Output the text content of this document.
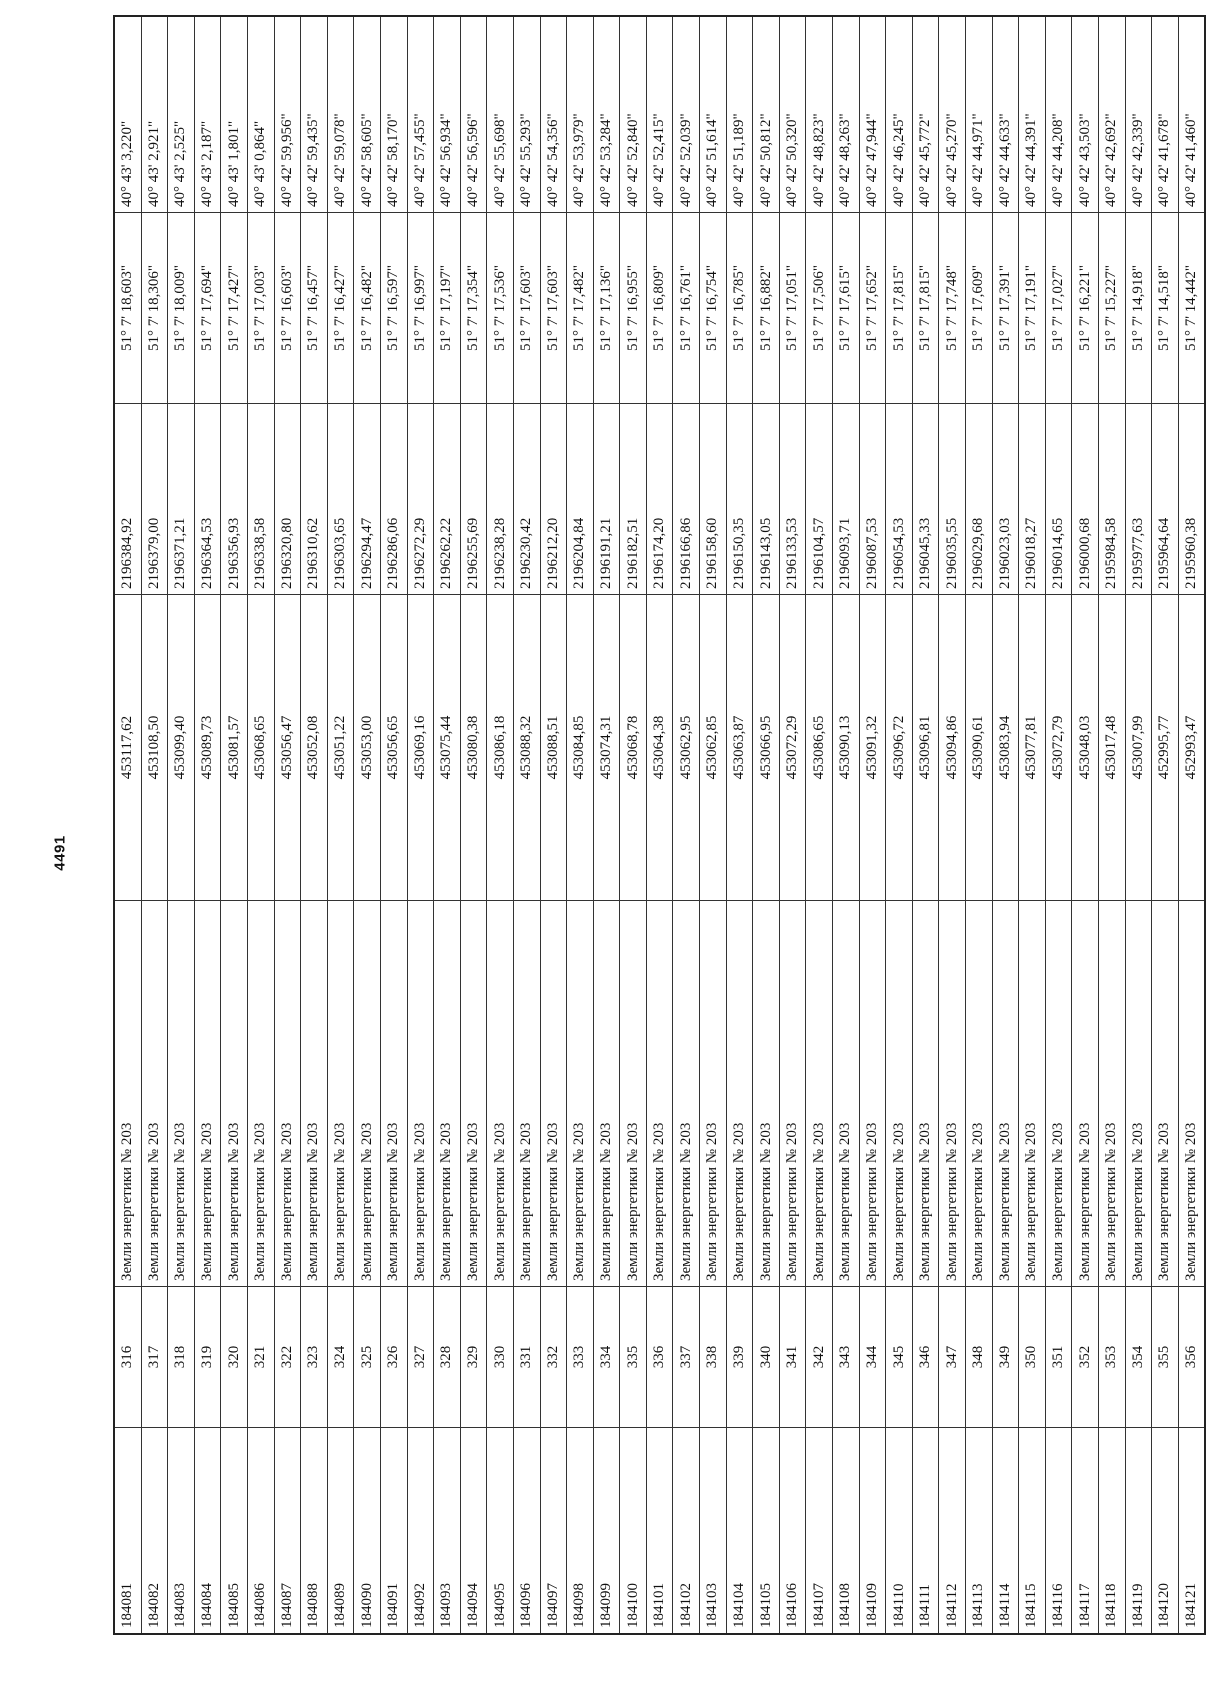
4491
184081	316	Земли энергетики № 203	453117,62	2196384,92	51° 7' 18,603"	40° 43' 3,220"
184082	317	Земли энергетики № 203	453108,50	2196379,00	51° 7' 18,306"	40° 43' 2,921"
184083	318	Земли энергетики № 203	453099,40	2196371,21	51° 7' 18,009"	40° 43' 2,525"
184084	319	Земли энергетики № 203	453089,73	2196364,53	51° 7' 17,694"	40° 43' 2,187"
184085	320	Земли энергетики № 203	453081,57	2196356,93	51° 7' 17,427"	40° 43' 1,801"
184086	321	Земли энергетики № 203	453068,65	2196338,58	51° 7' 17,003"	40° 43' 0,864"
184087	322	Земли энергетики № 203	453056,47	2196320,80	51° 7' 16,603"	40° 42' 59,956"
184088	323	Земли энергетики № 203	453052,08	2196310,62	51° 7' 16,457"	40° 42' 59,435"
184089	324	Земли энергетики № 203	453051,22	2196303,65	51° 7' 16,427"	40° 42' 59,078"
184090	325	Земли энергетики № 203	453053,00	2196294,47	51° 7' 16,482"	40° 42' 58,605"
184091	326	Земли энергетики № 203	453056,65	2196286,06	51° 7' 16,597"	40° 42' 58,170"
184092	327	Земли энергетики № 203	453069,16	2196272,29	51° 7' 16,997"	40° 42' 57,455"
184093	328	Земли энергетики № 203	453075,44	2196262,22	51° 7' 17,197"	40° 42' 56,934"
184094	329	Земли энергетики № 203	453080,38	2196255,69	51° 7' 17,354"	40° 42' 56,596"
184095	330	Земли энергетики № 203	453086,18	2196238,28	51° 7' 17,536"	40° 42' 55,698"
184096	331	Земли энергетики № 203	453088,32	2196230,42	51° 7' 17,603"	40° 42' 55,293"
184097	332	Земли энергетики № 203	453088,51	2196212,20	51° 7' 17,603"	40° 42' 54,356"
184098	333	Земли энергетики № 203	453084,85	2196204,84	51° 7' 17,482"	40° 42' 53,979"
184099	334	Земли энергетики № 203	453074,31	2196191,21	51° 7' 17,136"	40° 42' 53,284"
184100	335	Земли энергетики № 203	453068,78	2196182,51	51° 7' 16,955"	40° 42' 52,840"
184101	336	Земли энергетики № 203	453064,38	2196174,20	51° 7' 16,809"	40° 42' 52,415"
184102	337	Земли энергетики № 203	453062,95	2196166,86	51° 7' 16,761"	40° 42' 52,039"
184103	338	Земли энергетики № 203	453062,85	2196158,60	51° 7' 16,754"	40° 42' 51,614"
184104	339	Земли энергетики № 203	453063,87	2196150,35	51° 7' 16,785"	40° 42' 51,189"
184105	340	Земли энергетики № 203	453066,95	2196143,05	51° 7' 16,882"	40° 42' 50,812"
184106	341	Земли энергетики № 203	453072,29	2196133,53	51° 7' 17,051"	40° 42' 50,320"
184107	342	Земли энергетики № 203	453086,65	2196104,57	51° 7' 17,506"	40° 42' 48,823"
184108	343	Земли энергетики № 203	453090,13	2196093,71	51° 7' 17,615"	40° 42' 48,263"
184109	344	Земли энергетики № 203	453091,32	2196087,53	51° 7' 17,652"	40° 42' 47,944"
184110	345	Земли энергетики № 203	453096,72	2196054,53	51° 7' 17,815"	40° 42' 46,245"
184111	346	Земли энергетики № 203	453096,81	2196045,33	51° 7' 17,815"	40° 42' 45,772"
184112	347	Земли энергетики № 203	453094,86	2196035,55	51° 7' 17,748"	40° 42' 45,270"
184113	348	Земли энергетики № 203	453090,61	2196029,68	51° 7' 17,609"	40° 42' 44,971"
184114	349	Земли энергетики № 203	453083,94	2196023,03	51° 7' 17,391"	40° 42' 44,633"
184115	350	Земли энергетики № 203	453077,81	2196018,27	51° 7' 17,191"	40° 42' 44,391"
184116	351	Земли энергетики № 203	453072,79	2196014,65	51° 7' 17,027"	40° 42' 44,208"
184117	352	Земли энергетики № 203	453048,03	2196000,68	51° 7' 16,221"	40° 42' 43,503"
184118	353	Земли энергетики № 203	453017,48	2195984,58	51° 7' 15,227"	40° 42' 42,692"
184119	354	Земли энергетики № 203	453007,99	2195977,63	51° 7' 14,918"	40° 42' 42,339"
184120	355	Земли энергетики № 203	452995,77	2195964,64	51° 7' 14,518"	40° 42' 41,678"
184121	356	Земли энергетики № 203	452993,47	2195960,38	51° 7' 14,442"	40° 42' 41,460"
